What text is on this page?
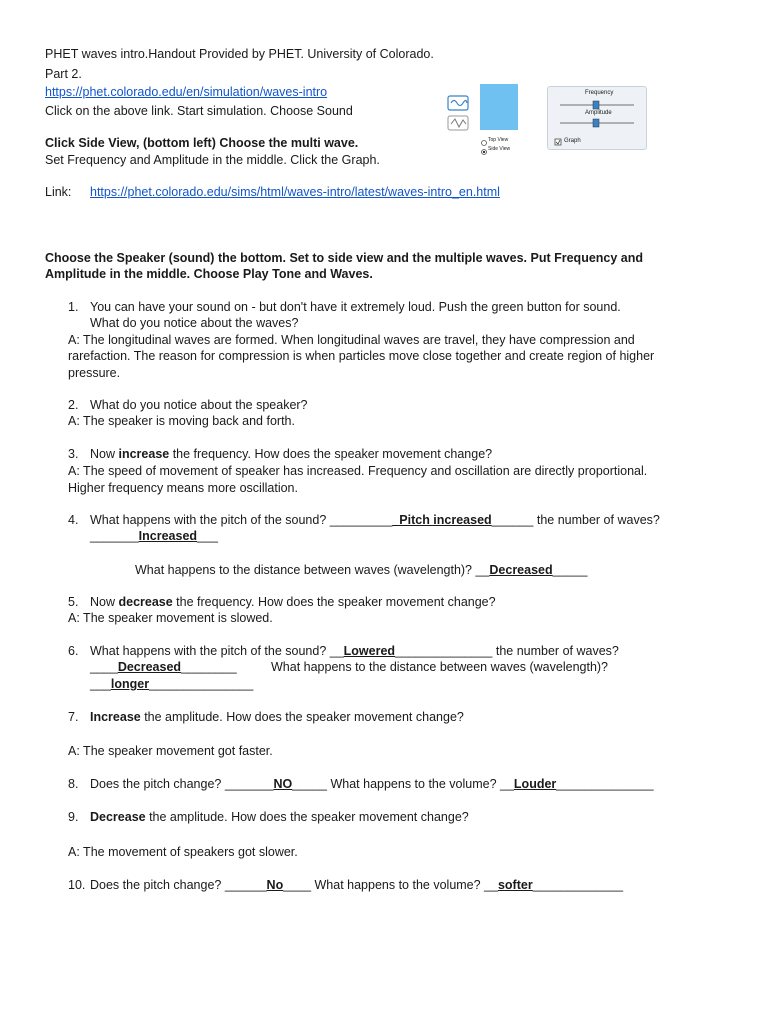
PHET waves intro.Handout Provided by PHET. University of Colorado.
Part 2.
https://phet.colorado.edu/en/simulation/waves-intro
Click on the above link. Start simulation. Choose Sound
Click Side View, (bottom left) Choose the multi wave.
Set Frequency and Amplitude in the middle. Click the Graph.
Link: https://phet.colorado.edu/sims/html/waves-intro/latest/waves-intro_en.html
Top View
Side View
Frequency
Amplitude
Graph
Choose the Speaker (sound) the bottom. Set to side view and the multiple waves. Put Frequency and
Amplitude in the middle. Choose Play Tone and Waves.
1. You can have your sound on - but don't have it extremely loud. Push the green button for sound.
What do you notice about the waves?
A: The longitudinal waves are formed. When longitudinal waves are travel, they have compression and
rarefaction. The reason for compression is when particles move close together and create region of higher
pressure.
2. What do you notice about the speaker?
A: The speaker is moving back and forth.
3. Now increase the frequency. How does the speaker movement change?
A: The speed of movement of speaker has increased. Frequency and oscillation are directly proportional.
Higher frequency means more oscillation.
4. What happens with the pitch of the sound? __________Pitch increased______ the number of waves?
_______Increased___
What happens to the distance between waves (wavelength)? __Decreased_____
5. Now decrease the frequency. How does the speaker movement change?
A: The speaker movement is slowed.
6. What happens with the pitch of the sound? __Lowered______________ the number of waves?
____Decreased________	What happens to the distance between waves (wavelength)?
___longer_______________
7. Increase the amplitude. How does the speaker movement change?
A: The speaker movement got faster.
8. Does the pitch change? _______NO_____ What happens to the volume? __Louder______________
9. Decrease the amplitude. How does the speaker movement change?
A: The movement of speakers got slower.
10. Does the pitch change? ______No____ What happens to the volume? __softer_____________
